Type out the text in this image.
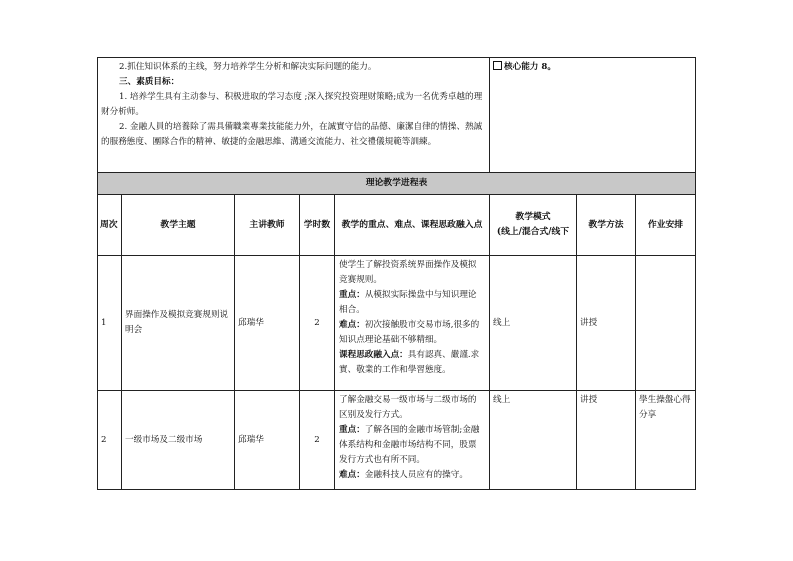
2.抓住知识体系的主线，努力培养学生分析和解决实际问题的能力。

三、素质目标：

1. 培养学生具有主动参与、积极进取的学习态度 ;深入探究投资理财策略;成为一名优秀卓越的理财分析师。

2. 金融人員的培養除了需具備職業專業技能能力外，在誠實守信的品德、廉潔自律的情操、熱誠的服務態度、團隊合作的精神、敏捷的金融思維、溝通交流能力、社交禮儀規範等訓練。					核心能力 8。		
理论教学进程表							
周次	教学主题	主讲教师	学时数	教学的重点、难点、课程思政融入点	教学模式
(线上/混合式/线下	教学方法	作业安排
1	界面操作及模拟竞赛规则说明会	邱瑞华	2	使学生了解投资系统界面操作及模拟竞赛规则。

重点：从模拟实际操盘中与知识理论相合。

难点：初次接触股市交易市场,很多的知识点理论基础不够精细。

课程思政融入点：具有認真、嚴謹.求實、敬業的工作和學習態度。	线上	讲授	
2	一级市场及二级市场	邱瑞华	2	了解金融交易一级市场与二级市场的区别及发行方式。

重点：了解各国的金融市场管制;金融体系结构和金融市场结构不同，股票发行方式也有所不同。

难点：金融科技人员应有的操守。	线上	讲授	學生操盤心得分享
